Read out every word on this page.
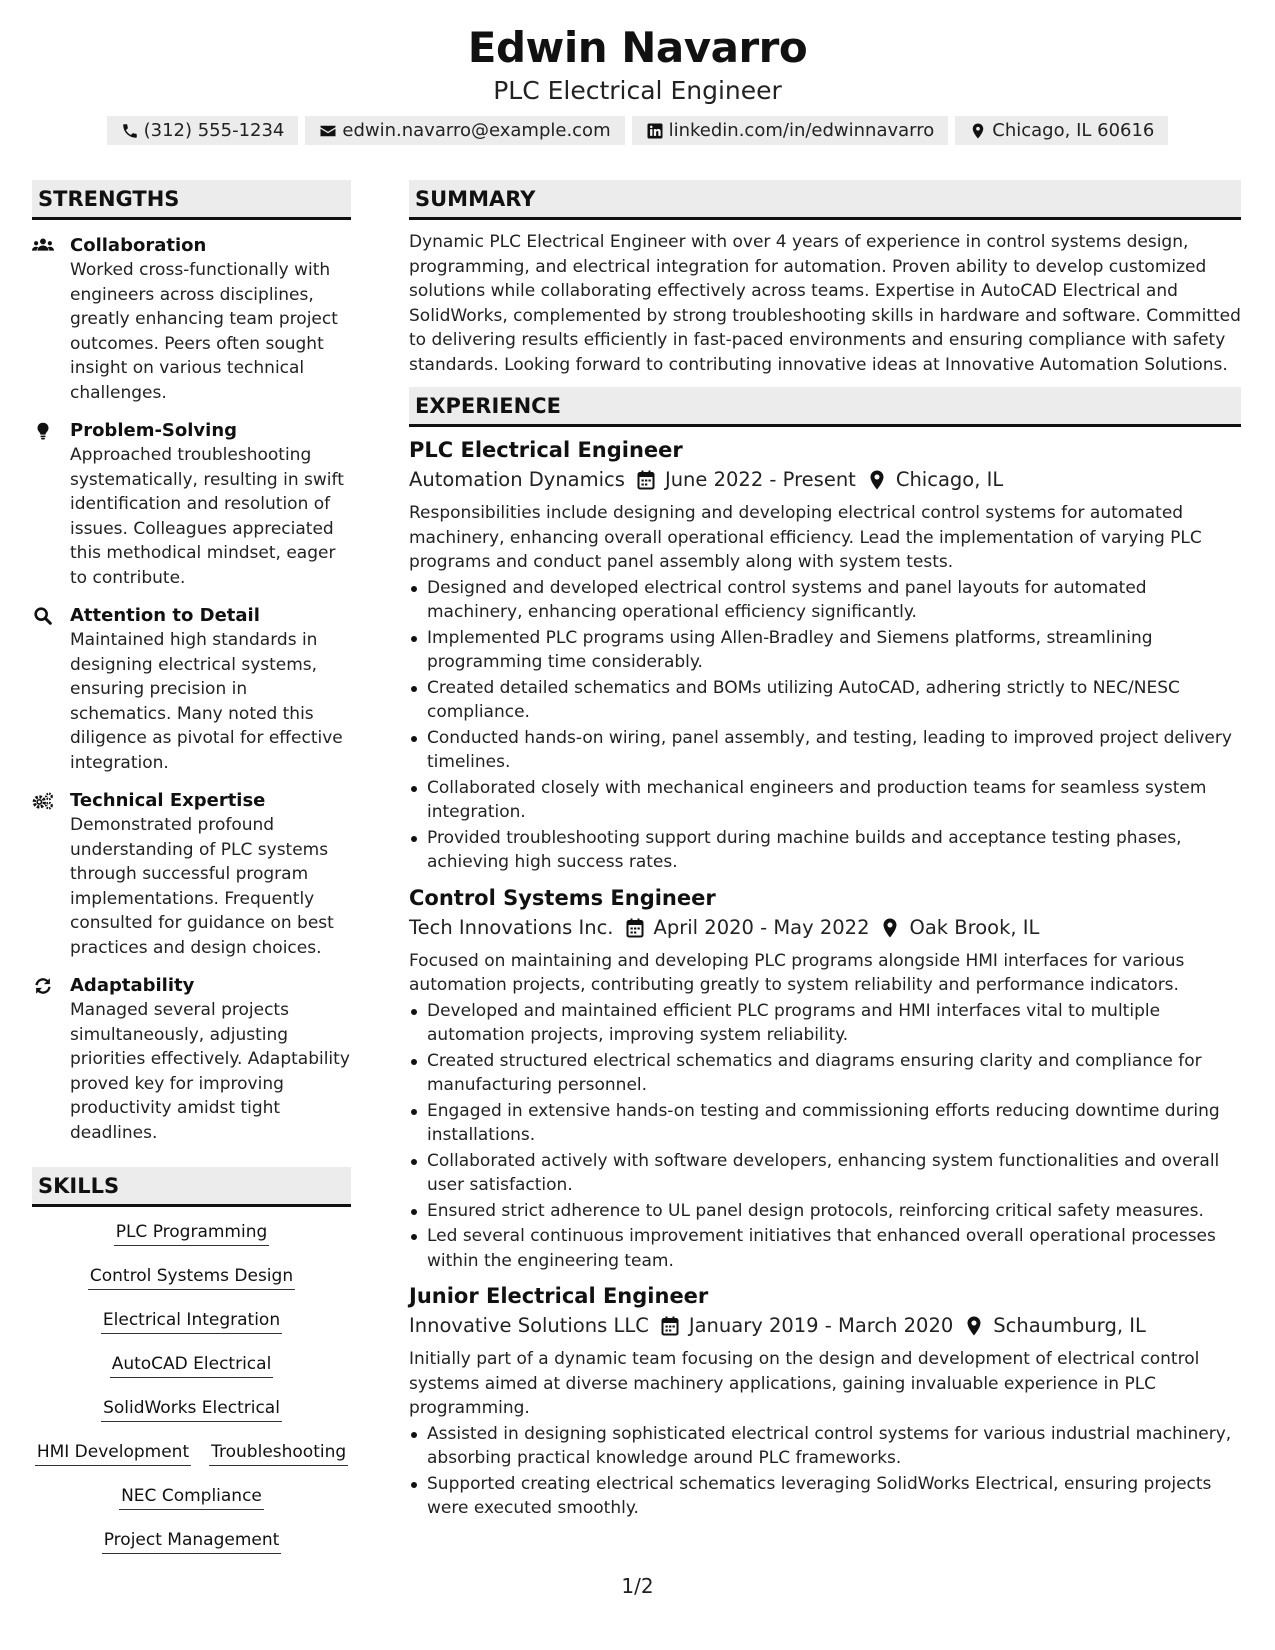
Edwin Navarro
PLC Electrical Engineer
(312) 555-1234	edwin.navarro@example.com	linkedin.com/in/edwinnavarro	Chicago, IL 60616
STRENGTHS
Collaboration
Worked cross-functionally with engineers across disciplines, greatly enhancing team project outcomes. Peers often sought insight on various technical challenges.
Problem-Solving
Approached troubleshooting systematically, resulting in swift identification and resolution of issues. Colleagues appreciated this methodical mindset, eager to contribute.
Attention to Detail
Maintained high standards in designing electrical systems, ensuring precision in schematics. Many noted this diligence as pivotal for effective integration.
Technical Expertise
Demonstrated profound understanding of PLC systems through successful program implementations. Frequently consulted for guidance on best practices and design choices.
Adaptability
Managed several projects simultaneously, adjusting priorities effectively. Adaptability proved key for improving productivity amidst tight deadlines.
SKILLS
PLC Programming
Control Systems Design
Electrical Integration
AutoCAD Electrical
SolidWorks Electrical
HMI Development Troubleshooting
NEC Compliance
Project Management
SUMMARY
Dynamic PLC Electrical Engineer with over 4 years of experience in control systems design, programming, and electrical integration for automation. Proven ability to develop customized solutions while collaborating effectively across teams. Expertise in AutoCAD Electrical and SolidWorks, complemented by strong troubleshooting skills in hardware and software. Committed to delivering results efficiently in fast-paced environments and ensuring compliance with safety standards. Looking forward to contributing innovative ideas at Innovative Automation Solutions.
EXPERIENCE
PLC Electrical Engineer
Automation Dynamics June 2022 - Present Chicago, IL
Responsibilities include designing and developing electrical control systems for automated machinery, enhancing overall operational efficiency. Lead the implementation of varying PLC programs and conduct panel assembly along with system tests.
Designed and developed electrical control systems and panel layouts for automated machinery, enhancing operational efficiency significantly.
Implemented PLC programs using Allen-Bradley and Siemens platforms, streamlining programming time considerably.
Created detailed schematics and BOMs utilizing AutoCAD, adhering strictly to NEC/NESC compliance.
Conducted hands-on wiring, panel assembly, and testing, leading to improved project delivery timelines.
Collaborated closely with mechanical engineers and production teams for seamless system integration.
Provided troubleshooting support during machine builds and acceptance testing phases, achieving high success rates.
Control Systems Engineer
Tech Innovations Inc. April 2020 - May 2022 Oak Brook, IL
Focused on maintaining and developing PLC programs alongside HMI interfaces for various automation projects, contributing greatly to system reliability and performance indicators.
Developed and maintained efficient PLC programs and HMI interfaces vital to multiple automation projects, improving system reliability.
Created structured electrical schematics and diagrams ensuring clarity and compliance for manufacturing personnel.
Engaged in extensive hands-on testing and commissioning efforts reducing downtime during installations.
Collaborated actively with software developers, enhancing system functionalities and overall user satisfaction.
Ensured strict adherence to UL panel design protocols, reinforcing critical safety measures.
Led several continuous improvement initiatives that enhanced overall operational processes within the engineering team.
Junior Electrical Engineer
Innovative Solutions LLC January 2019 - March 2020 Schaumburg, IL
Initially part of a dynamic team focusing on the design and development of electrical control systems aimed at diverse machinery applications, gaining invaluable experience in PLC programming.
Assisted in designing sophisticated electrical control systems for various industrial machinery, absorbing practical knowledge around PLC frameworks.
Supported creating electrical schematics leveraging SolidWorks Electrical, ensuring projects were executed smoothly.
1/2
